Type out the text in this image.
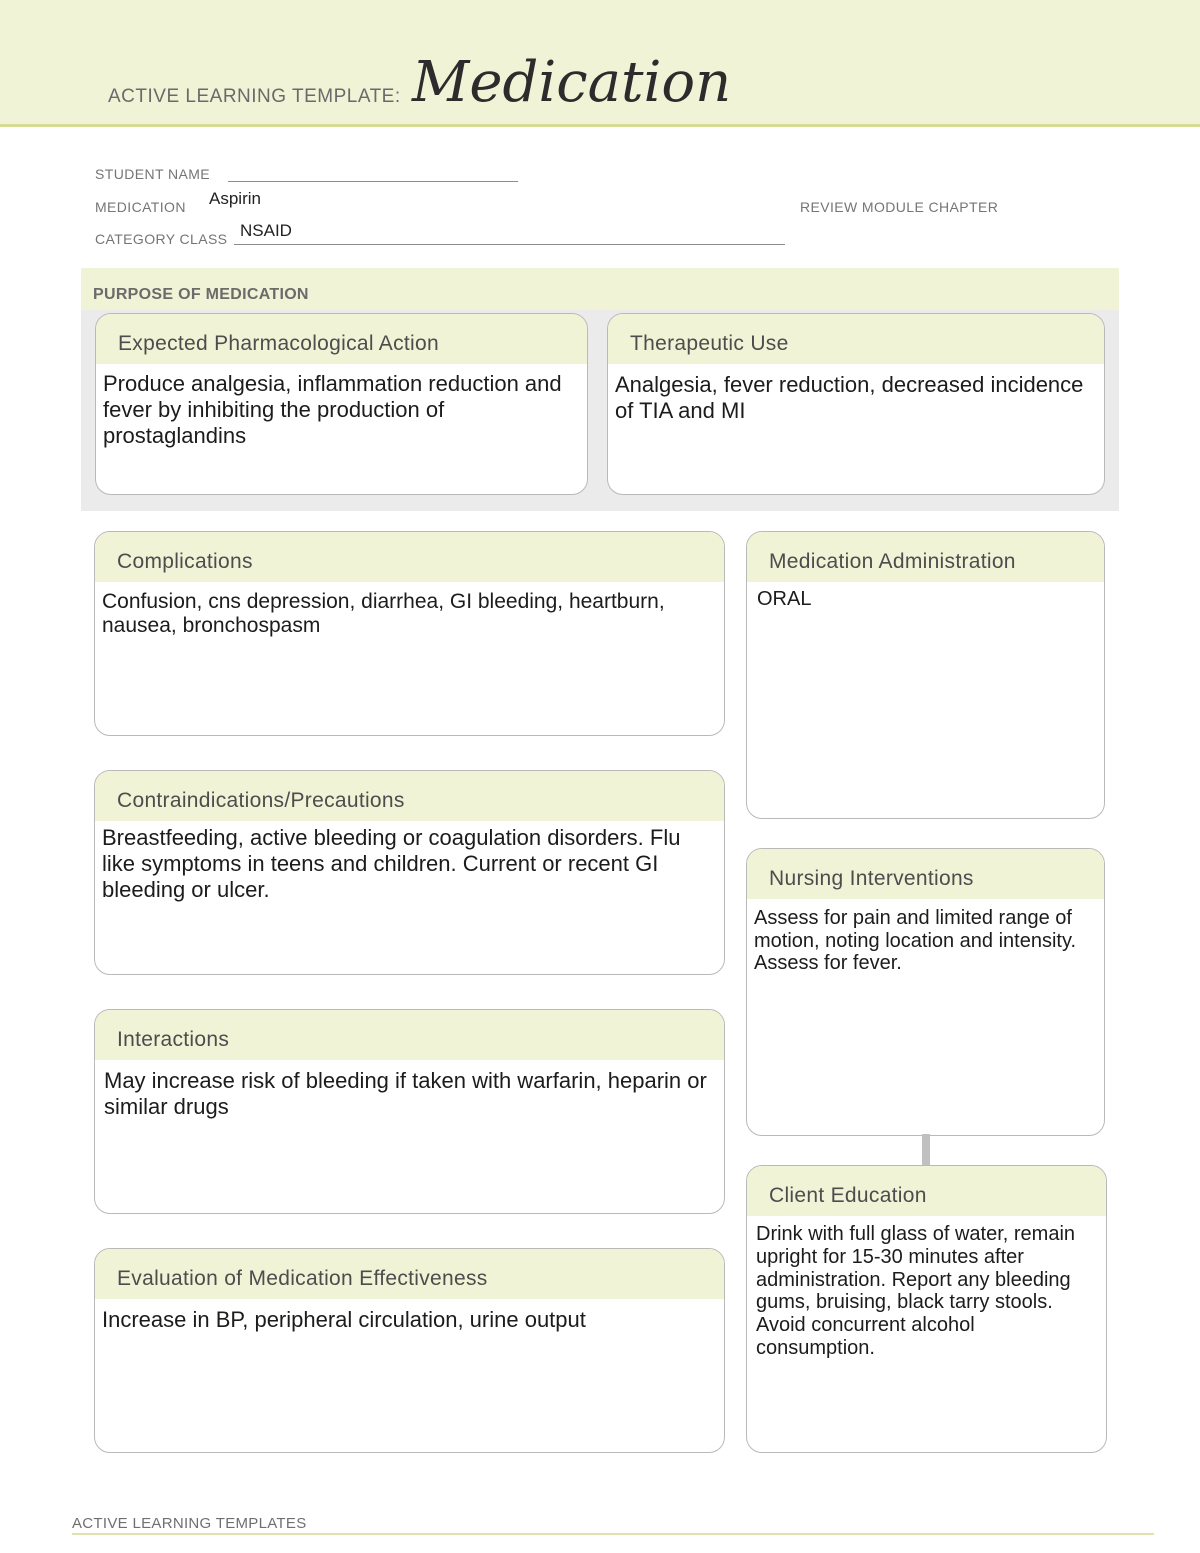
ACTIVE LEARNING TEMPLATE: Medication
STUDENT NAME
MEDICATION Aspirin	REVIEW MODULE CHAPTER
CATEGORY CLASS NSAID
PURPOSE OF MEDICATION
Expected Pharmacological Action
Produce analgesia, inflammation reduction and fever by inhibiting the production of prostaglandins
Therapeutic Use
Analgesia, fever reduction, decreased incidence of TIA and MI
Complications
Confusion, cns depression, diarrhea, GI bleeding, heartburn, nausea, bronchospasm
Contraindications/Precautions
Breastfeeding, active bleeding or coagulation disorders. Flu like symptoms in teens and children. Current or recent GI bleeding or ulcer.
Interactions
May increase risk of bleeding if taken with warfarin, heparin or similar drugs
Evaluation of Medication Effectiveness
Increase in BP, peripheral circulation, urine output
Medication Administration
ORAL
Nursing Interventions
Assess for pain and limited range of motion, noting location and intensity. Assess for fever.
Client Education
Drink with full glass of water, remain upright for 15-30 minutes after administration. Report any bleeding gums, bruising, black tarry stools. Avoid concurrent alcohol consumption.
ACTIVE LEARNING TEMPLATES
